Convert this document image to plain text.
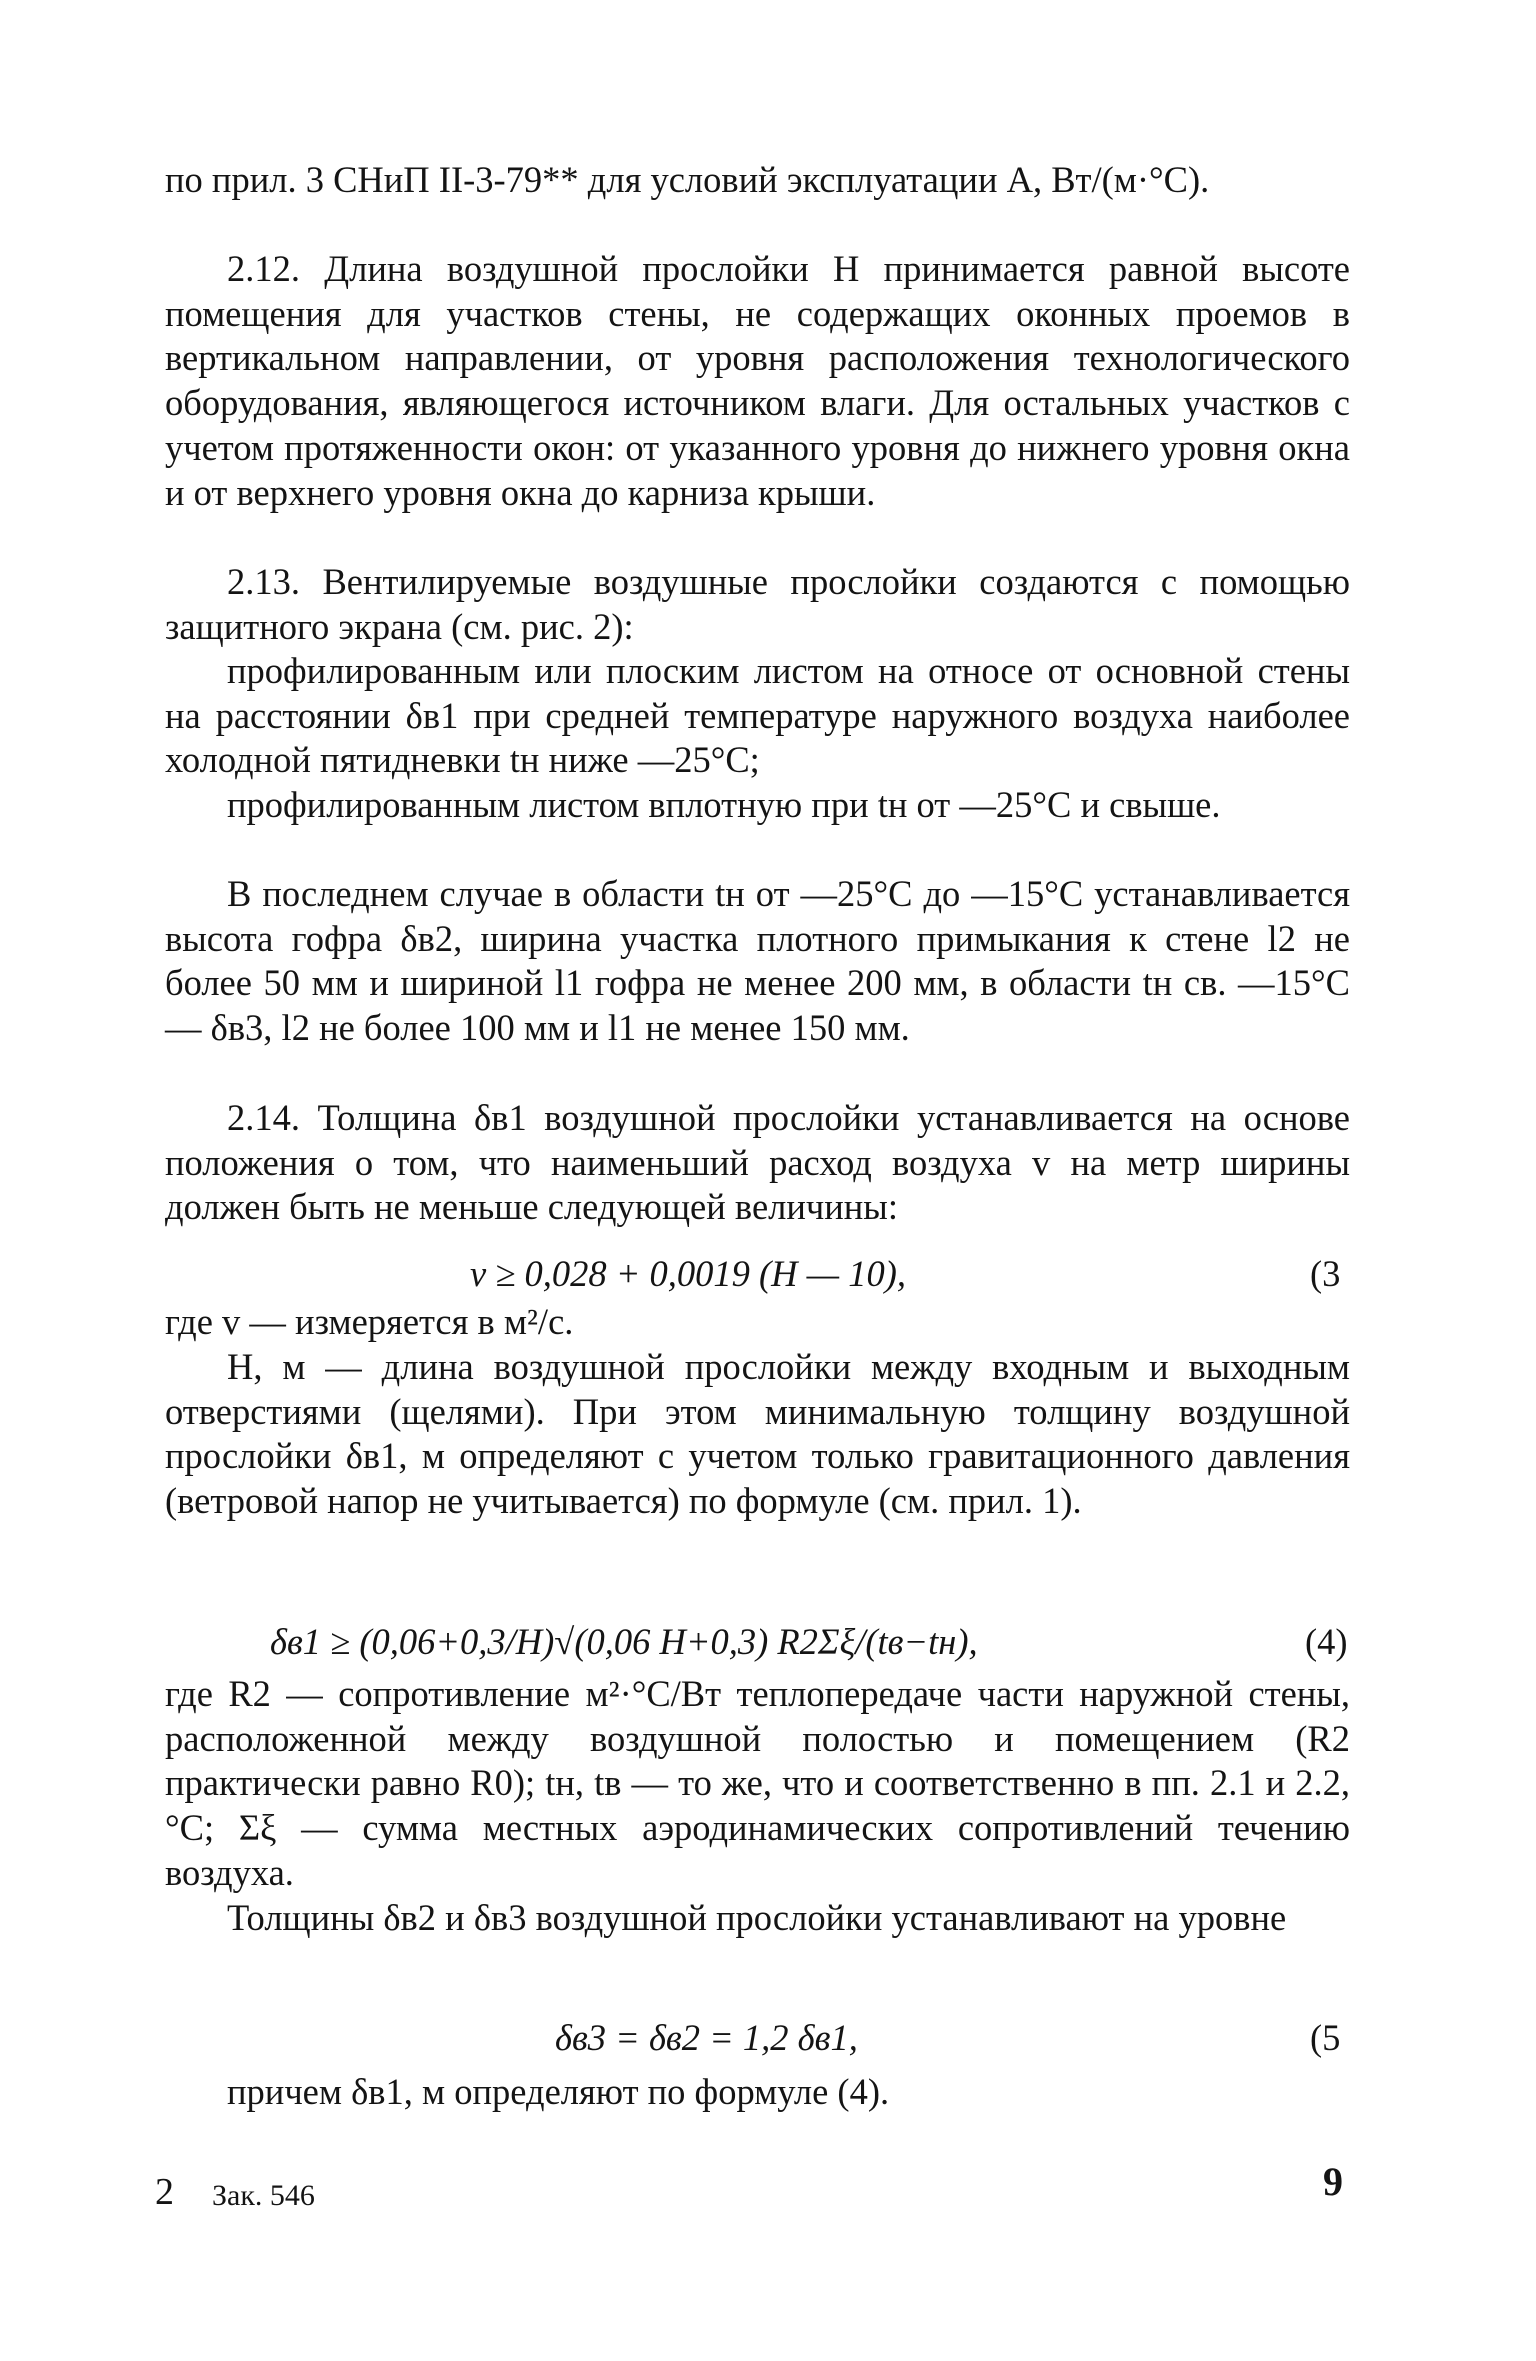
по прил. 3 СНиП II-3-79** для условий эксплуатации А, Вт/(м·°С).

2.12. Длина воздушной прослойки Н принимается равной высоте помещения для участков стены, не содержащих оконных проемов в вертикальном направлении, от уровня расположения технологического оборудования, являющегося источником влаги. Для остальных участков с учетом протяженности окон: от указанного уровня до нижнего уровня окна и от верхнего уровня окна до карниза крыши.

2.13. Вентилируемые воздушные прослойки создаются с помощью защитного экрана (см. рис. 2):

профилированным или плоским листом на относе от основной стены на расстоянии δв1 при средней температуре наружного воздуха наиболее холодной пятидневки tн ниже —25°С;

профилированным листом вплотную при tн от —25°С и свыше.

В последнем случае в области tн от —25°С до —15°С устанавливается высота гофра δв2, ширина участка плотного примыкания к стене l2 не более 50 мм и шириной l1 гофра не менее 200 мм, в области tн св. —15°С — δв3, l2 не более 100 мм и l1 не менее 150 мм.

2.14. Толщина δв1 воздушной прослойки устанавливается на основе положения о том, что наименьший расход воздуха v на метр ширины должен быть не меньше следующей величины:

v ≥ 0,028 + 0,0019 (Н — 10),	(3

где v — измеряется в м²/с.

Н, м — длина воздушной прослойки между входным и выходным отверстиями (щелями). При этом минимальную толщину воздушной прослойки δв1, м определяют с учетом только гравитационного давления (ветровой напор не учитывается) по формуле (см. прил. 1).

δв1 ≥ (0,06+0,3/Н)√(0,06 Н+0,3) R2Σξ/(tв−tн),	(4)

где R2 — сопротивление м²·°С/Вт теплопередаче части наружной стены, расположенной между воздушной полостью и помещением (R2 практически равно R0); tн, tв — то же, что и соответственно в пп. 2.1 и 2.2, °С; Σξ — сумма местных аэродинамических сопротивлений течению воздуха.

Толщины δв2 и δв3 воздушной прослойки устанавливают на уровне

δв3 = δв2 = 1,2 δв1,	(5

причем δв1, м определяют по формуле (4).

2 Зак. 546	9
